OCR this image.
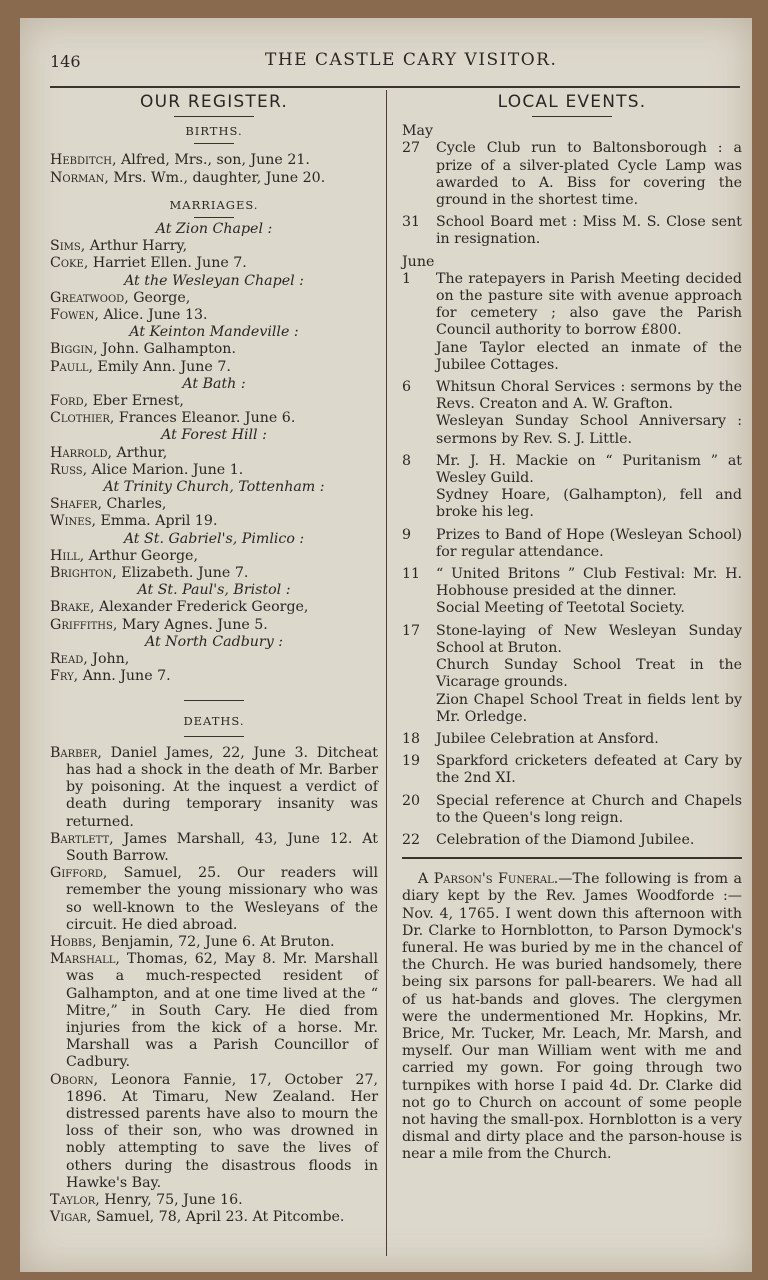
146	THE CASTLE CARY VISITOR.
OUR REGISTER.
BIRTHS.
Hebditch, Alfred, Mrs., son, June 21.
Norman, Mrs. Wm., daughter, June 20.
MARRIAGES.
At Zion Chapel :
Sims, Arthur Harry,
Coke, Harriet Ellen. June 7.
At the Wesleyan Chapel :
Greatwood, George,
Fowen, Alice. June 13.
At Keinton Mandeville :
Biggin, John. Galhampton.
Paull, Emily Ann. June 7.
At Bath :
Ford, Eber Ernest,
Clothier, Frances Eleanor. June 6.
At Forest Hill :
Harrold, Arthur,
Russ, Alice Marion. June 1.
At Trinity Church, Tottenham :
Shafer, Charles,
Wines, Emma. April 19.
At St. Gabriel's, Pimlico :
Hill, Arthur George,
Brighton, Elizabeth. June 7.
At St. Paul's, Bristol :
Brake, Alexander Frederick George,
Griffiths, Mary Agnes. June 5.
At North Cadbury :
Read, John,
Fry, Ann. June 7.
DEATHS.
Barber, Daniel James, 22, June 3. Ditcheat has had a shock in the death of Mr. Barber by poisoning. At the inquest a verdict of death during temporary insanity was returned.
Bartlett, James Marshall, 43, June 12. At South Barrow.
Gifford, Samuel, 25. Our readers will remember the young missionary who was so well-known to the Wesleyans of the circuit. He died abroad.
Hobbs, Benjamin, 72, June 6. At Bruton.
Marshall, Thomas, 62, May 8. Mr. Marshall was a much-respected resident of Galhampton, and at one time lived at the “ Mitre,” in South Cary. He died from injuries from the kick of a horse. Mr. Marshall was a Parish Councillor of Cadbury.
Oborn, Leonora Fannie, 17, October 27, 1896. At Timaru, New Zealand. Her distressed parents have also to mourn the loss of their son, who was drowned in nobly attempting to save the lives of others during the disastrous floods in Hawke's Bay.
Taylor, Henry, 75, June 16.
Vigar, Samuel, 78, April 23. At Pitcombe.
LOCAL EVENTS.
May
27	Cycle Club run to Baltonsborough : a prize of a silver-plated Cycle Lamp was awarded to A. Biss for covering the ground in the shortest time.

31	School Board met : Miss M. S. Close sent in resignation.

June
1	The ratepayers in Parish Meeting decided on the pasture site with avenue approach for cemetery ; also gave the Parish Council authority to borrow £800.

Jane Taylor elected an inmate of the Jubilee Cottages.

6	Whitsun Choral Services : sermons by the Revs. Creaton and A. W. Grafton.

Wesleyan Sunday School Anniversary : sermons by Rev. S. J. Little.

8	Mr. J. H. Mackie on “ Puritanism ” at Wesley Guild.

Sydney Hoare, (Galhampton), fell and broke his leg.

9	Prizes to Band of Hope (Wesleyan School) for regular attendance.

11	“ United Britons ” Club Festival: Mr. H. Hobhouse presided at the dinner.

Social Meeting of Teetotal Society.

17	Stone-laying of New Wesleyan Sunday School at Bruton.

Church Sunday School Treat in the Vicarage grounds.

Zion Chapel School Treat in fields lent by Mr. Orledge.

18	Jubilee Celebration at Ansford.

19	Sparkford cricketers defeated at Cary by the 2nd XI.

20	Special reference at Church and Chapels to the Queen's long reign.

22	Celebration of the Diamond Jubilee.

A Parson's Funeral.—The following is from a diary kept by the Rev. James Woodforde :—Nov. 4, 1765. I went down this afternoon with Dr. Clarke to Hornblotton, to Parson Dymock's funeral. He was buried by me in the chancel of the Church. He was buried handsomely, there being six parsons for pall-bearers. We had all of us hat-bands and gloves. The clergymen were the undermentioned Mr. Hopkins, Mr. Brice, Mr. Tucker, Mr. Leach, Mr. Marsh, and myself. Our man William went with me and carried my gown. For going through two turnpikes with horse I paid 4d. Dr. Clarke did not go to Church on account of some people not having the small-pox. Hornblotton is a very dismal and dirty place and the parson-house is near a mile from the Church.
